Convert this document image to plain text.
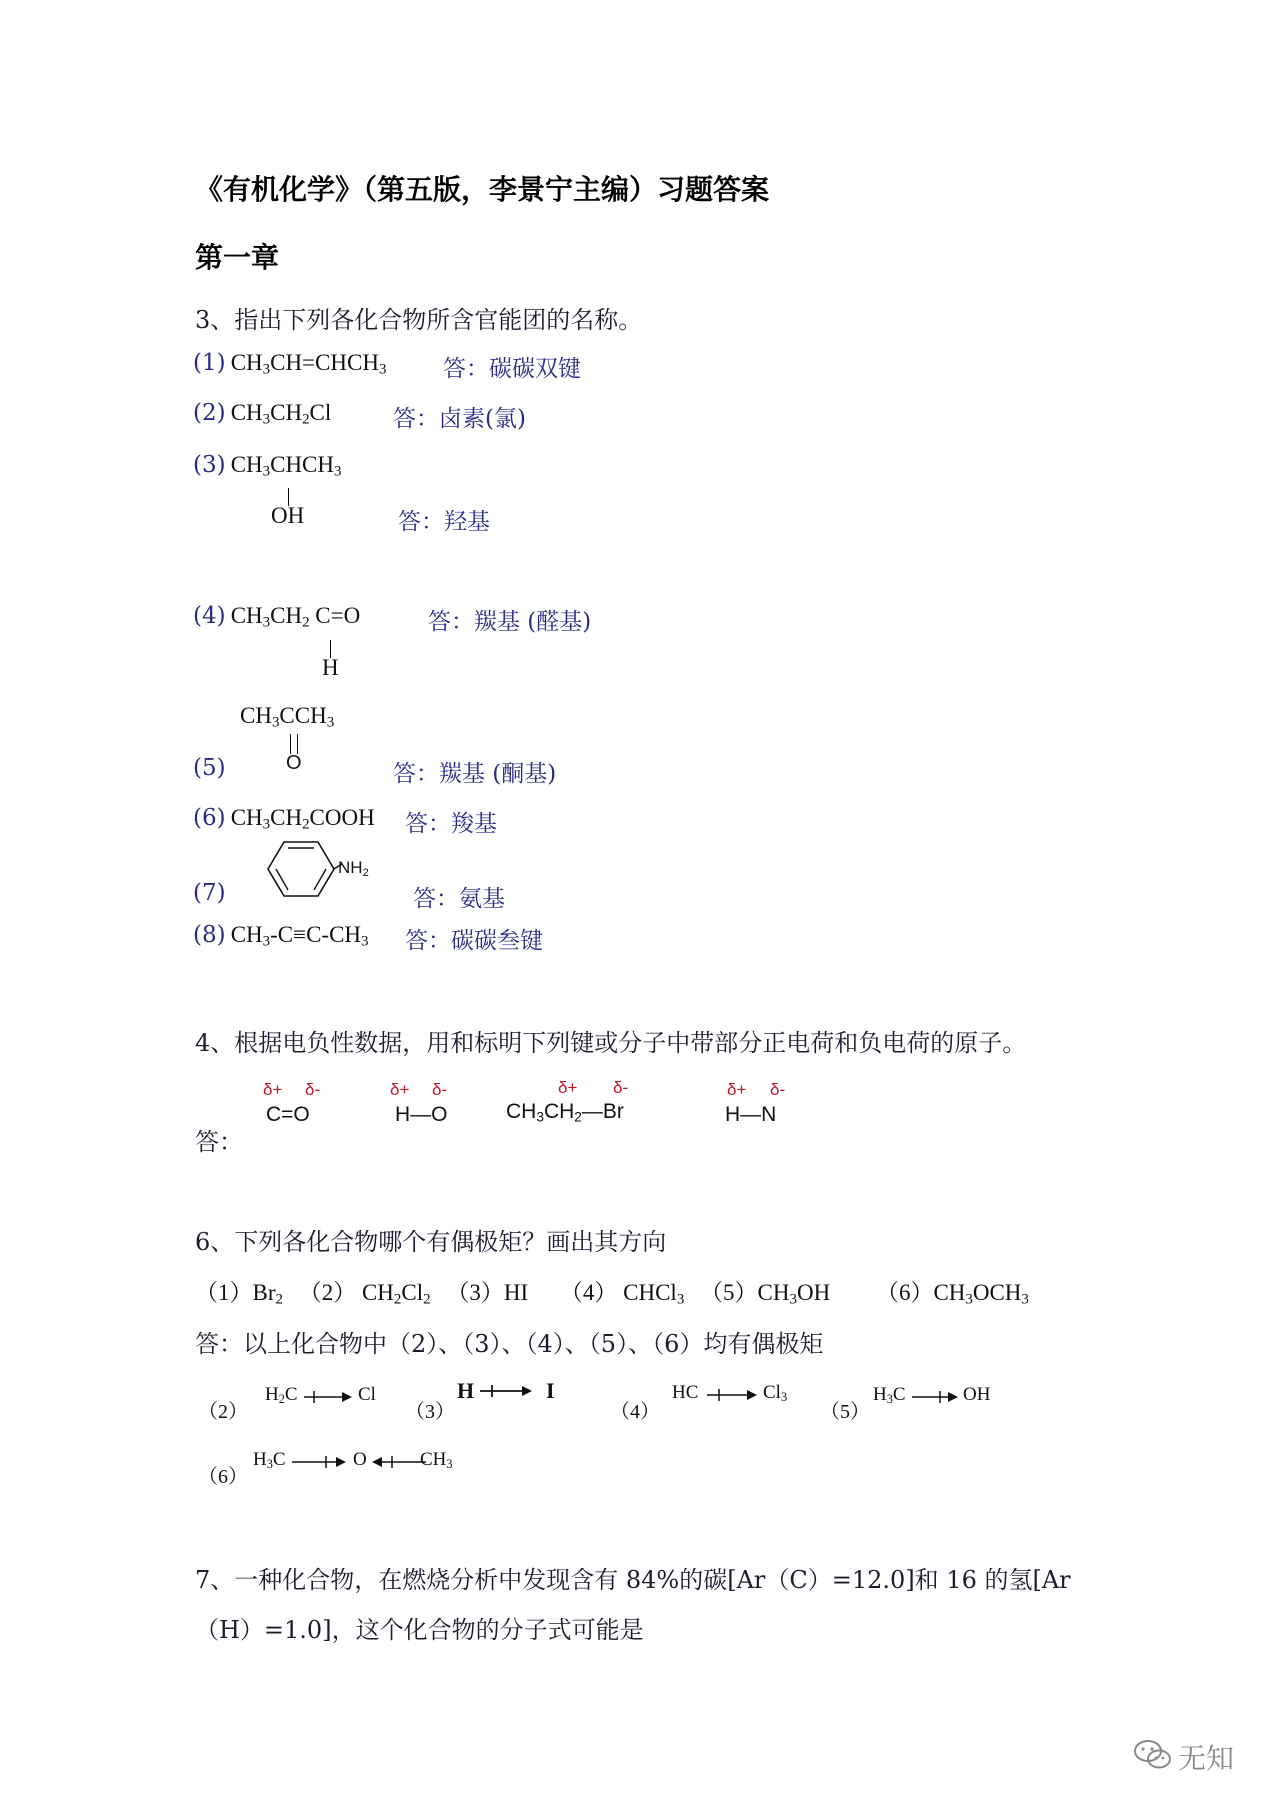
《有机化学》（第五版，李景宁主编）习题答案
第一章
3、指出下列各化合物所含官能团的名称。
(1) $CH_3CH=CHCH_3$ 答：碳碳双键
(2) $CH_3CH_2Cl$	答：卤素(氯)
(3) $CH_3CHCH_3$
OH	答：羟基
(4) $CH_3CH_2$ C=O
H
答：羰基 (醛基)
$CH_3CCH_3$
O
(5)	答：羰基 (酮基)
(6) $CH_3CH_2COOH$ 答：羧基
(7)
$NH_2$
答：氨基
(8) $CH_3-C\equiv C-CH_3$ 答：碳碳叁键
4、根据电负性数据，用和标明下列键或分子中带部分正电荷和负电荷的原子。
答：
δ+ δ-
C=O
δ+ δ-
H—O
δ+ δ-
$CH_3CH_2—Br$
δ+ δ-
H—N
6、下列各化合物哪个有偶极矩？画出其方向
$(1)Br_2$ （2） $CH_2Cl_2$ （3）HI （4） CHCl$_3$ $(5)CH_3OH$ $(6)CH_3OCH_3$
答：以上化合物中（2）、（3）、（4）、（5）、（6）均有偶极矩
（2）
$H_2C$	Cl
（3）
H	I
（4）
HC	$Cl_3$
（5）
$H_3C$	OH
（6）
$H_3C$	O	$CH_3$
7、一种化合物，在燃烧分析中发现含有 84%的碳[Ar（C）=12.0]和 16 的氢[Ar
（H）=1.0]，这个化合物的分子式可能是
无知
